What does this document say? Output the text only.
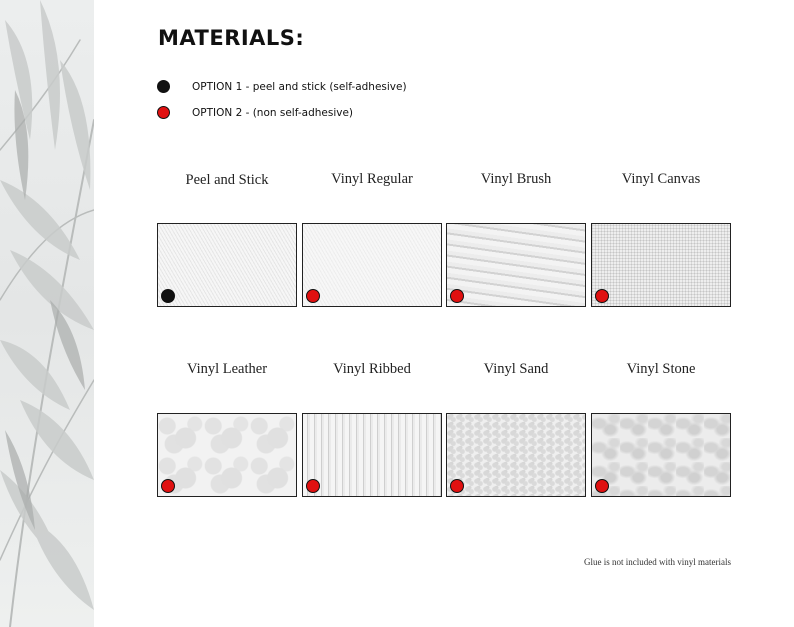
MATERIALS:
OPTION 1 - peel and stick (self-adhesive)
OPTION 2 - (non self-adhesive)
Peel and Stick	Vinyl Regular	Vinyl Brush	Vinyl Canvas
Vinyl Leather	Vinyl Ribbed	Vinyl Sand	Vinyl Stone
Glue is not included with vinyl materials
